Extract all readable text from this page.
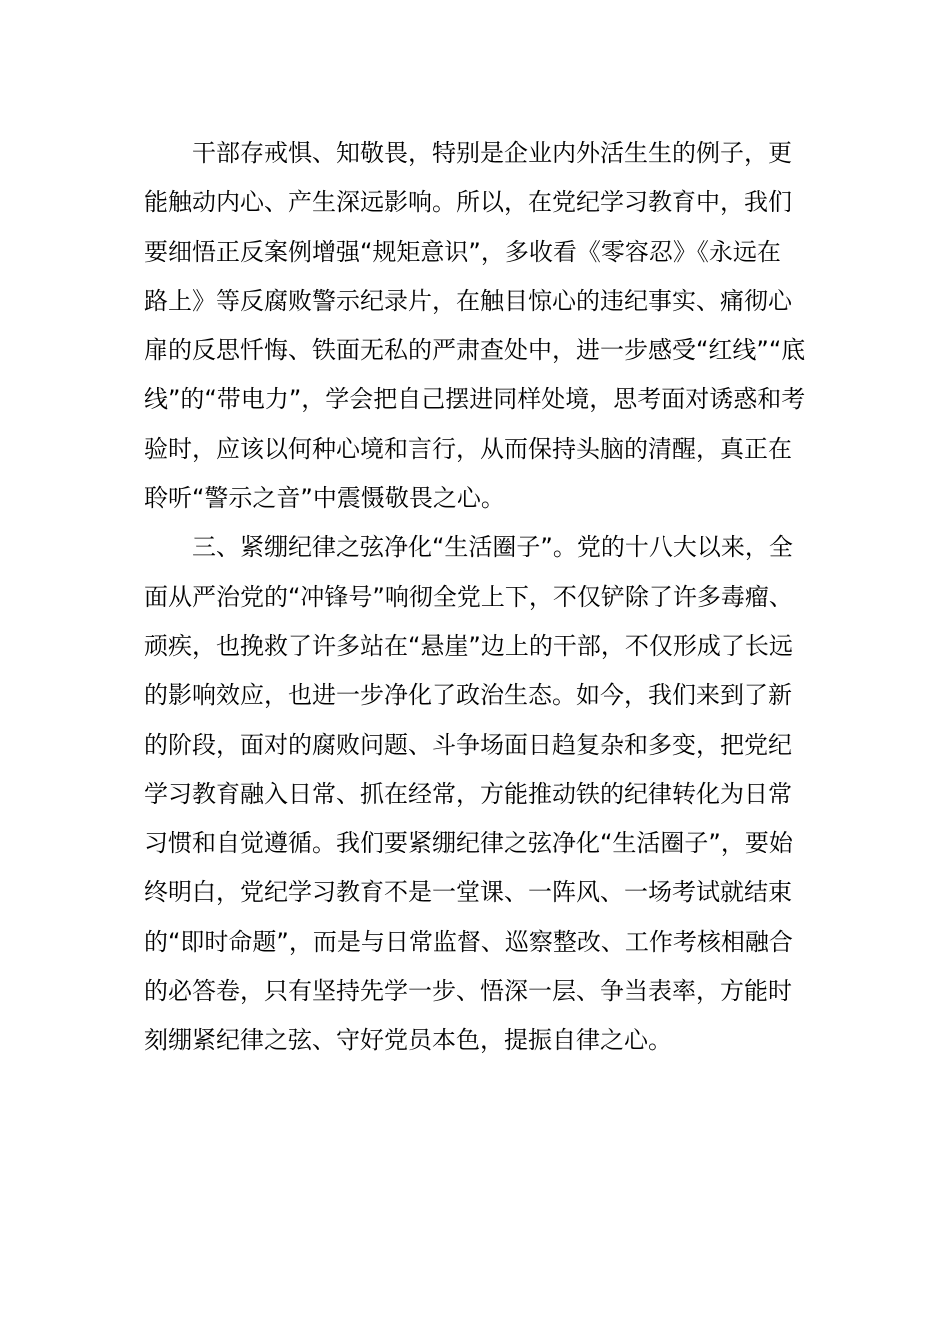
干部存戒惧、知敬畏，特别是企业内外活生生的例子，更
能触动内心、产生深远影响。所以，在党纪学习教育中，我们
要细悟正反案例增强“规矩意识”，多收看《零容忍》《永远在
路上》等反腐败警示纪录片，在触目惊心的违纪事实、痛彻心
扉的反思忏悔、铁面无私的严肃查处中，进一步感受“红线”“底
线”的“带电力”，学会把自己摆进同样处境，思考面对诱惑和考
验时，应该以何种心境和言行，从而保持头脑的清醒，真正在
聆听“警示之音”中震慑敬畏之心。
三、紧绷纪律之弦净化“生活圈子”。党的十八大以来，全
面从严治党的“冲锋号”响彻全党上下，不仅铲除了许多毒瘤、
顽疾，也挽救了许多站在“悬崖”边上的干部，不仅形成了长远
的影响效应，也进一步净化了政治生态。如今，我们来到了新
的阶段，面对的腐败问题、斗争场面日趋复杂和多变，把党纪
学习教育融入日常、抓在经常，方能推动铁的纪律转化为日常
习惯和自觉遵循。我们要紧绷纪律之弦净化“生活圈子”，要始
终明白，党纪学习教育不是一堂课、一阵风、一场考试就结束
的“即时命题”，而是与日常监督、巡察整改、工作考核相融合
的必答卷，只有坚持先学一步、悟深一层、争当表率，方能时
刻绷紧纪律之弦、守好党员本色，提振自律之心。
